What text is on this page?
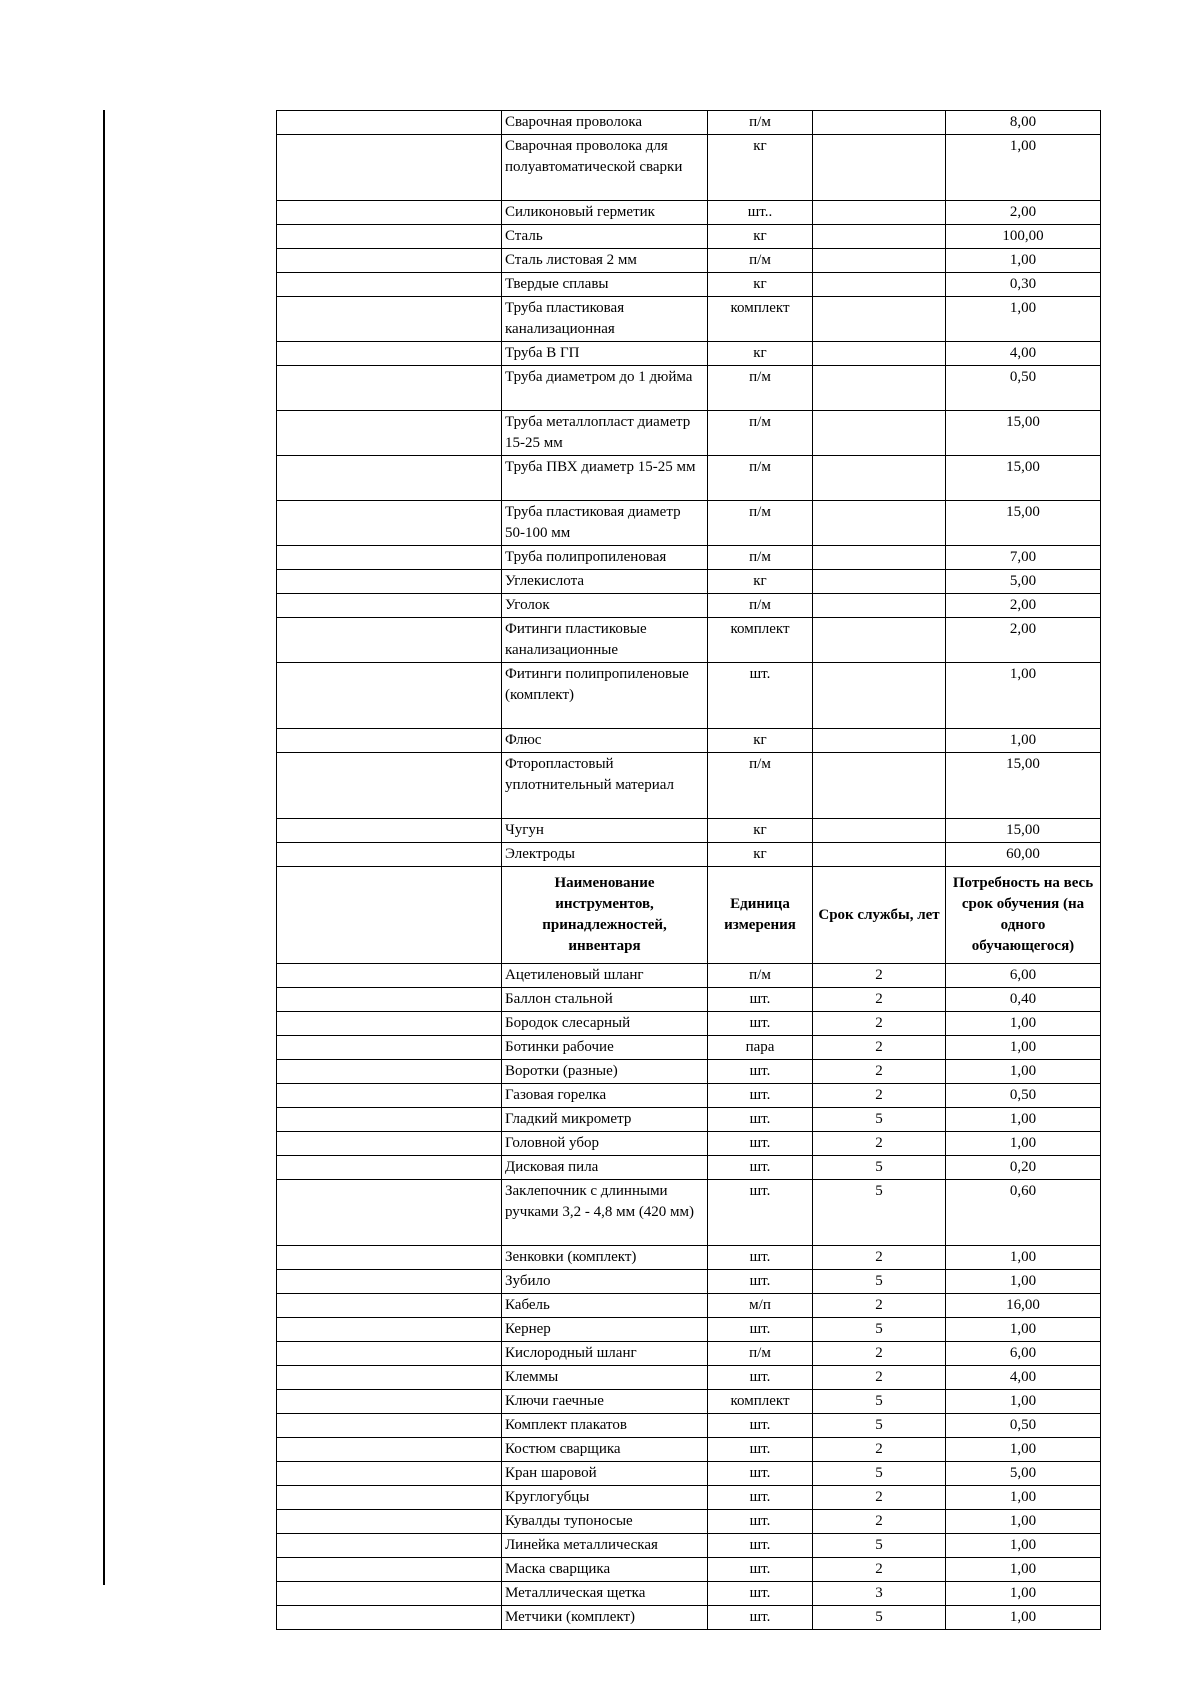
	Сварочная проволока	п/м		8,00
	Сварочная проволока для полуавтоматической сварки	кг		1,00
	Силиконовый герметик	шт..		2,00
	Сталь	кг		100,00
	Сталь листовая 2 мм	п/м		1,00
	Твердые сплавы	кг		0,30
	Труба пластиковая канализационная	комплект		1,00
	Труба В ГП	кг		4,00
	Труба диаметром до 1 дюйма	п/м		0,50
	Труба металлопласт диаметр 15-25 мм	п/м		15,00
	Труба ПВХ диаметр 15-25 мм	п/м		15,00
	Труба пластиковая диаметр 50-100 мм	п/м		15,00
	Труба полипропиленовая	п/м		7,00
	Углекислота	кг		5,00
	Уголок	п/м		2,00
	Фитинги пластиковые канализационные	комплект		2,00
	Фитинги полипропиленовые (комплект)	шт.		1,00
	Флюс	кг		1,00
	Фторопластовый уплотнительный материал	п/м		15,00
	Чугун	кг		15,00
	Электроды	кг		60,00
	Наименование инструментов, принадлежностей, инвентаря	Единица измерения	Срок службы, лет	Потребность на весь срок обучения (на одного обучающегося)
	Ацетиленовый шланг	п/м	2	6,00
	Баллон стальной	шт.	2	0,40
	Бородок слесарный	шт.	2	1,00
	Ботинки рабочие	пара	2	1,00
	Воротки (разные)	шт.	2	1,00
	Газовая горелка	шт.	2	0,50
	Гладкий микрометр	шт.	5	1,00
	Головной убор	шт.	2	1,00
	Дисковая пила	шт.	5	0,20
	Заклепочник с длинными ручками 3,2 - 4,8 мм (420 мм)	шт.	5	0,60
	Зенковки (комплект)	шт.	2	1,00
	Зубило	шт.	5	1,00
	Кабель	м/п	2	16,00
	Кернер	шт.	5	1,00
	Кислородный шланг	п/м	2	6,00
	Клеммы	шт.	2	4,00
	Ключи гаечные	комплект	5	1,00
	Комплект плакатов	шт.	5	0,50
	Костюм сварщика	шт.	2	1,00
	Кран шаровой	шт.	5	5,00
	Круглогубцы	шт.	2	1,00
	Кувалды тупоносые	шт.	2	1,00
	Линейка металлическая	шт.	5	1,00
	Маска сварщика	шт.	2	1,00
	Металлическая щетка	шт.	3	1,00
	Метчики (комплект)	шт.	5	1,00
